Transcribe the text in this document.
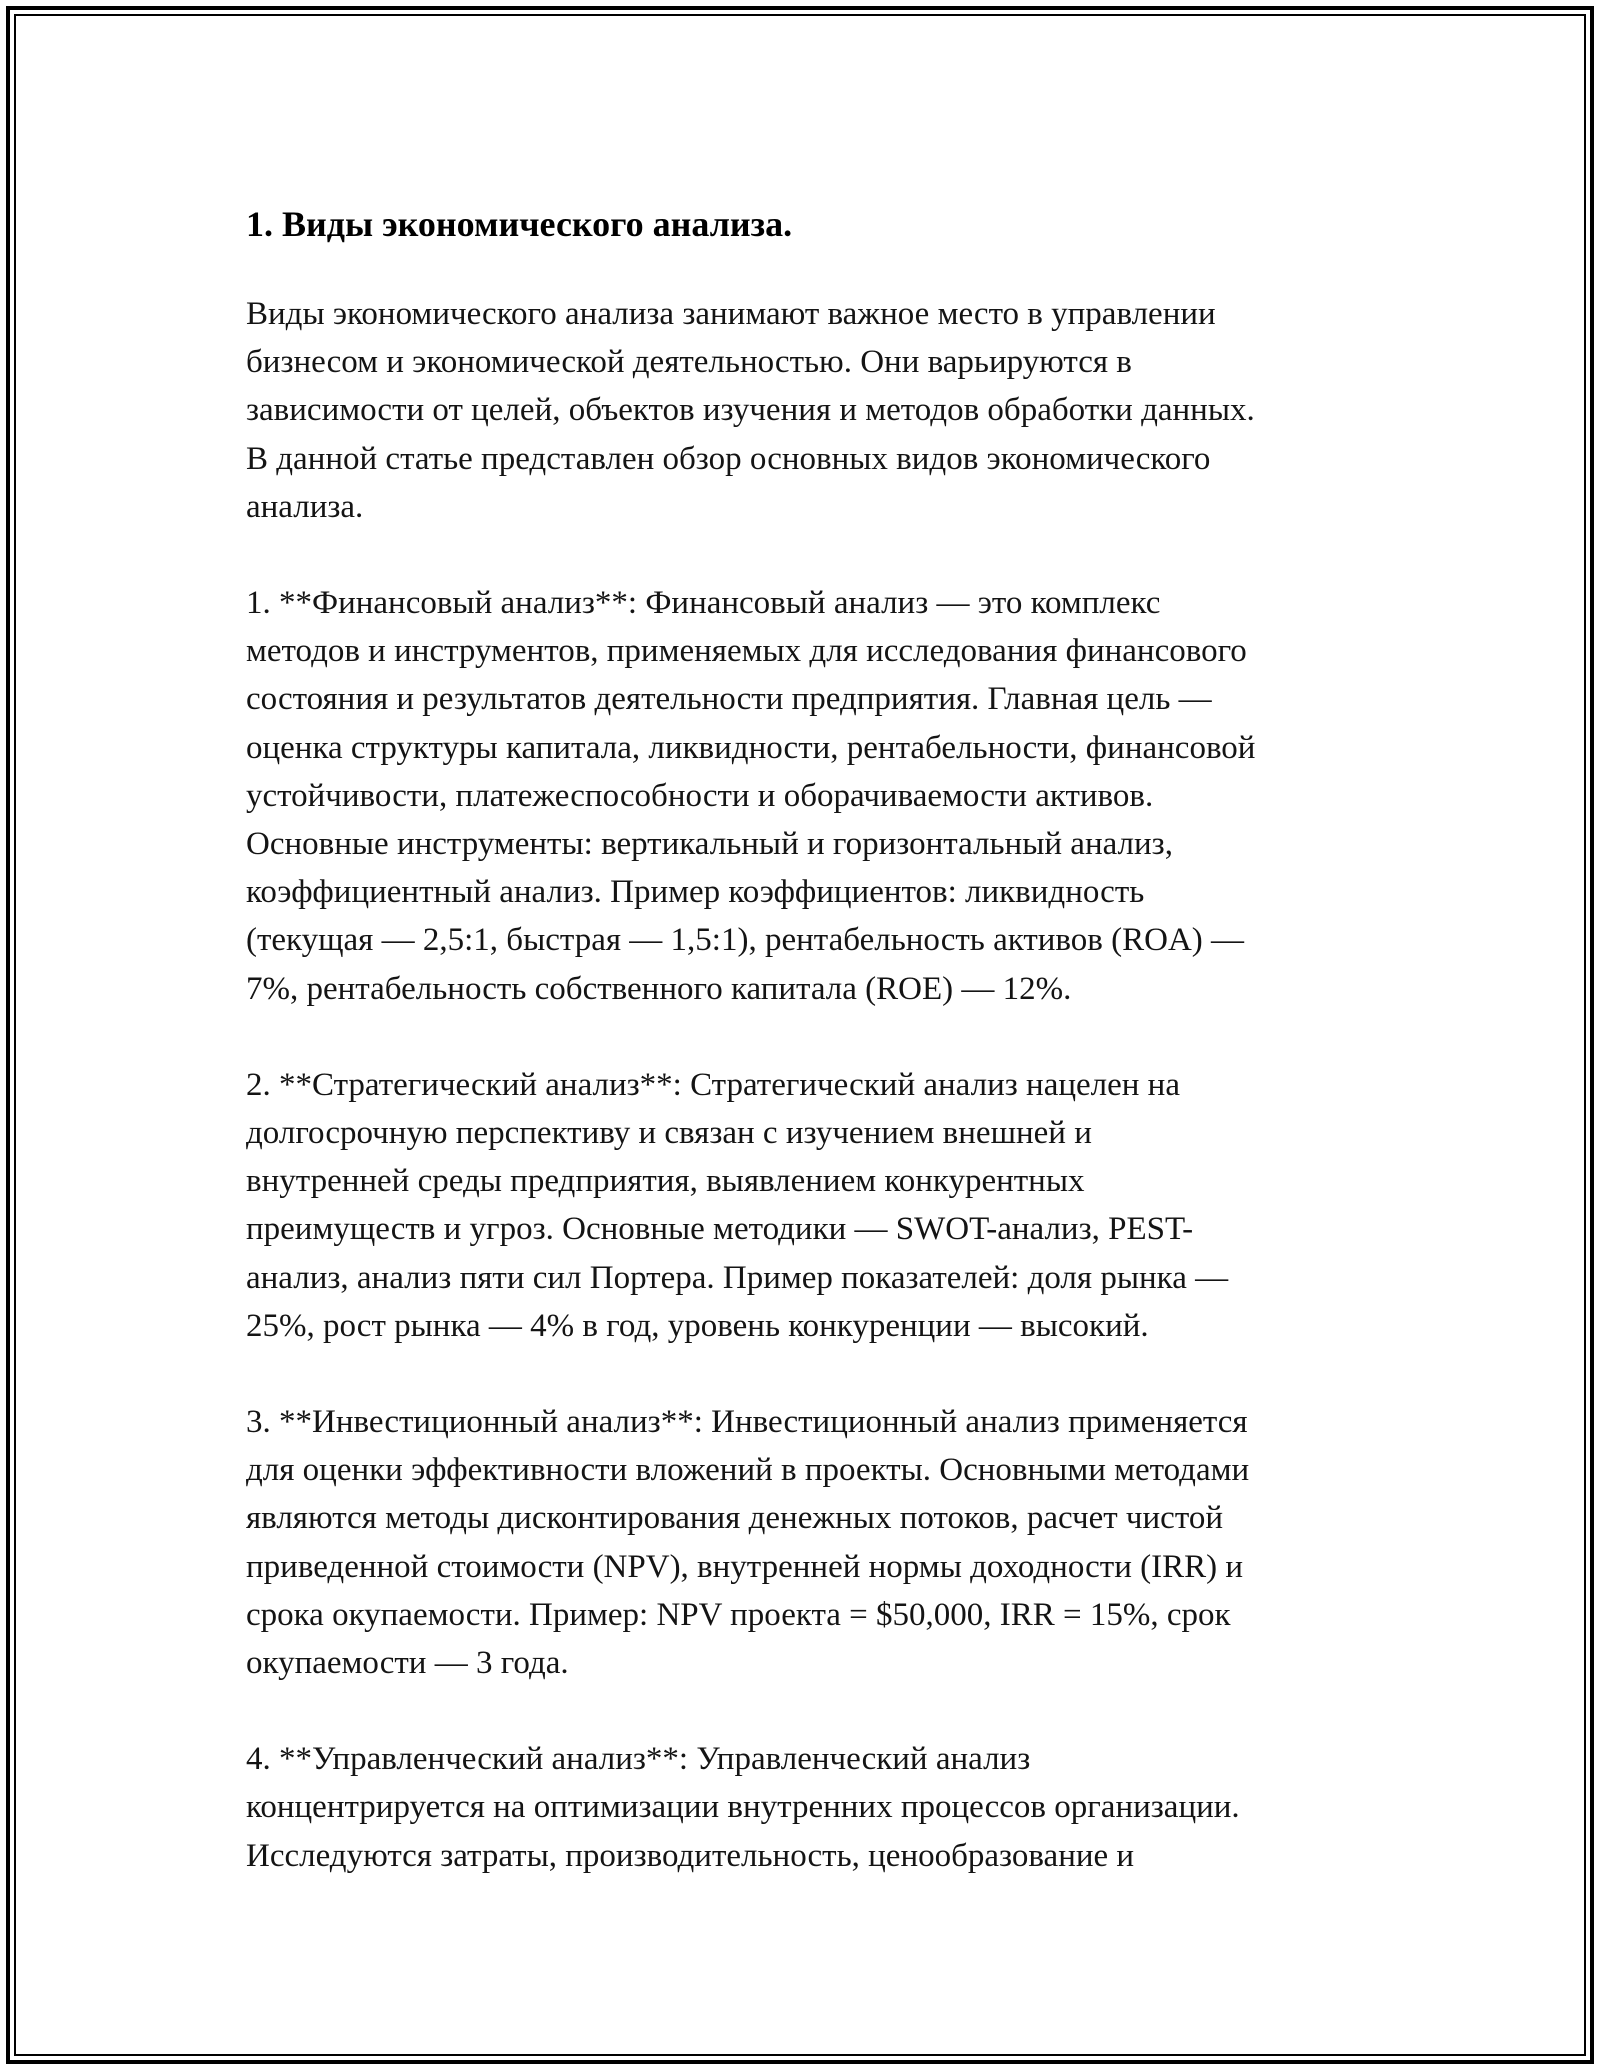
1. Виды экономического анализа.

Виды экономического анализа занимают важное место в управлении
бизнесом и экономической деятельностью. Они варьируются в
зависимости от целей, объектов изучения и методов обработки данных.
В данной статье представлен обзор основных видов экономического
анализа.

1. **Финансовый анализ**: Финансовый анализ — это комплекс
методов и инструментов, применяемых для исследования финансового
состояния и результатов деятельности предприятия. Главная цель —
оценка структуры капитала, ликвидности, рентабельности, финансовой
устойчивости, платежеспособности и оборачиваемости активов.
Основные инструменты: вертикальный и горизонтальный анализ,
коэффициентный анализ. Пример коэффициентов: ликвидность
(текущая — 2,5:1, быстрая — 1,5:1), рентабельность активов (ROA) —
7%, рентабельность собственного капитала (ROE) — 12%.

2. **Стратегический анализ**: Стратегический анализ нацелен на
долгосрочную перспективу и связан с изучением внешней и
внутренней среды предприятия, выявлением конкурентных
преимуществ и угроз. Основные методики — SWOT-анализ, PEST-
анализ, анализ пяти сил Портера. Пример показателей: доля рынка —
25%, рост рынка — 4% в год, уровень конкуренции — высокий.

3. **Инвестиционный анализ**: Инвестиционный анализ применяется
для оценки эффективности вложений в проекты. Основными методами
являются методы дисконтирования денежных потоков, расчет чистой
приведенной стоимости (NPV), внутренней нормы доходности (IRR) и
срока окупаемости. Пример: NPV проекта = $50,000, IRR = 15%, срок
окупаемости — 3 года.

4. **Управленческий анализ**: Управленческий анализ
концентрируется на оптимизации внутренних процессов организации.
Исследуются затраты, производительность, ценообразование и
